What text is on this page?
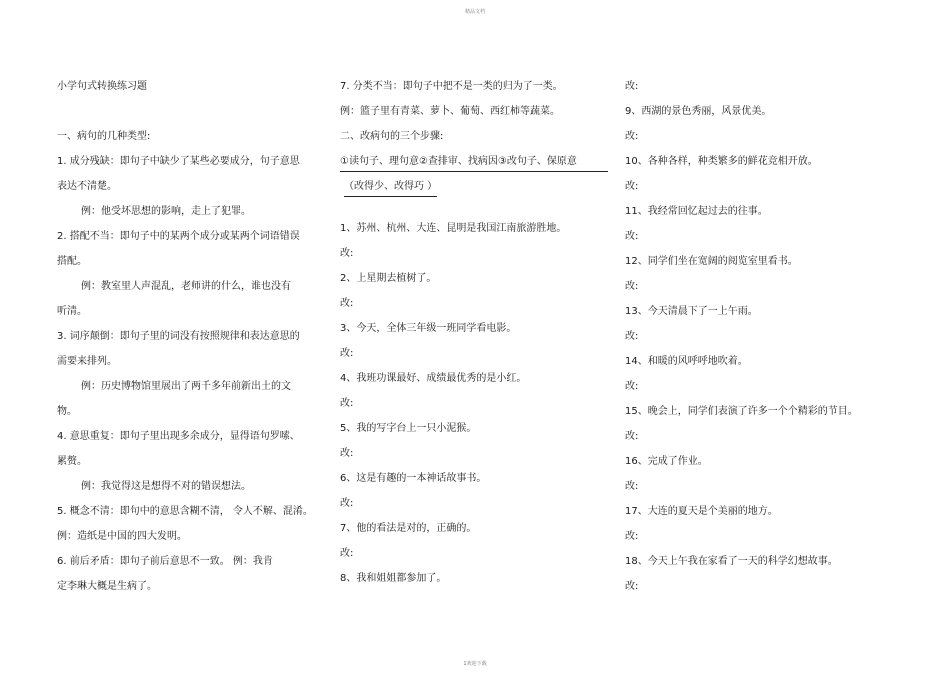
精品文档
小学句式转换练习题
一、病句的几种类型:
1. 成分残缺：即句子中缺少了某些必要成分，句子意思
表达不清楚。
例：他受坏思想的影响，走上了犯罪。
2. 搭配不当：即句子中的某两个成分或某两个词语错误
搭配。
例：教室里人声混乱，老师讲的什么，谁也没有
听清。
3. 词序颠倒：即句子里的词没有按照规律和表达意思的
需要来排列。
例：历史博物馆里展出了两千多年前新出土的文
物。
4. 意思重复：即句子里出现多余成分，显得语句罗嗦、
累赘。
例：我觉得这是想得不对的错误想法。
5. 概念不清：即句中的意思含糊不清， 令人不解、混淆。
例：造纸是中国的四大发明。
6. 前后矛盾：即句子前后意思不一致。 例：我肯
定李琳大概是生病了。
7. 分类不当：即句子中把不是一类的归为了一类。
例：篮子里有青菜、萝卜、葡萄、西红柿等蔬菜。
二、改病句的三个步骤:
①读句子、理句意②查排审、找病因③改句子、保原意
（改得少、改得巧 ）
1、苏州、杭州、大连、昆明是我国江南旅游胜地。
改:
2、上星期去植树了。
改:
3、今天，全体三年级一班同学看电影。
改:
4、我班功课最好、成绩最优秀的是小红。
改:
5、我的写字台上一只小泥猴。
改:
6、这是有趣的一本神话故事书。
改:
7、他的看法是对的，正确的。
改:
8、我和姐姐都参加了。
改:
9、西湖的景色秀丽，风景优美。
改:
10、各种各样，种类繁多的鲜花竞相开放。
改:
11、我经常回忆起过去的往事。
改:
12、同学们坐在宽阔的阅览室里看书。
改:
13、今天清晨下了一上午雨。
改:
14、和暖的风呼呼地吹着。
改:
15、晚会上，同学们表演了许多一个个精彩的节目。
改:
16、完成了作业。
改:
17、大连的夏天是个美丽的地方。
改:
18、今天上午我在家看了一天的科学幻想故事。
改:
1欢迎下载
